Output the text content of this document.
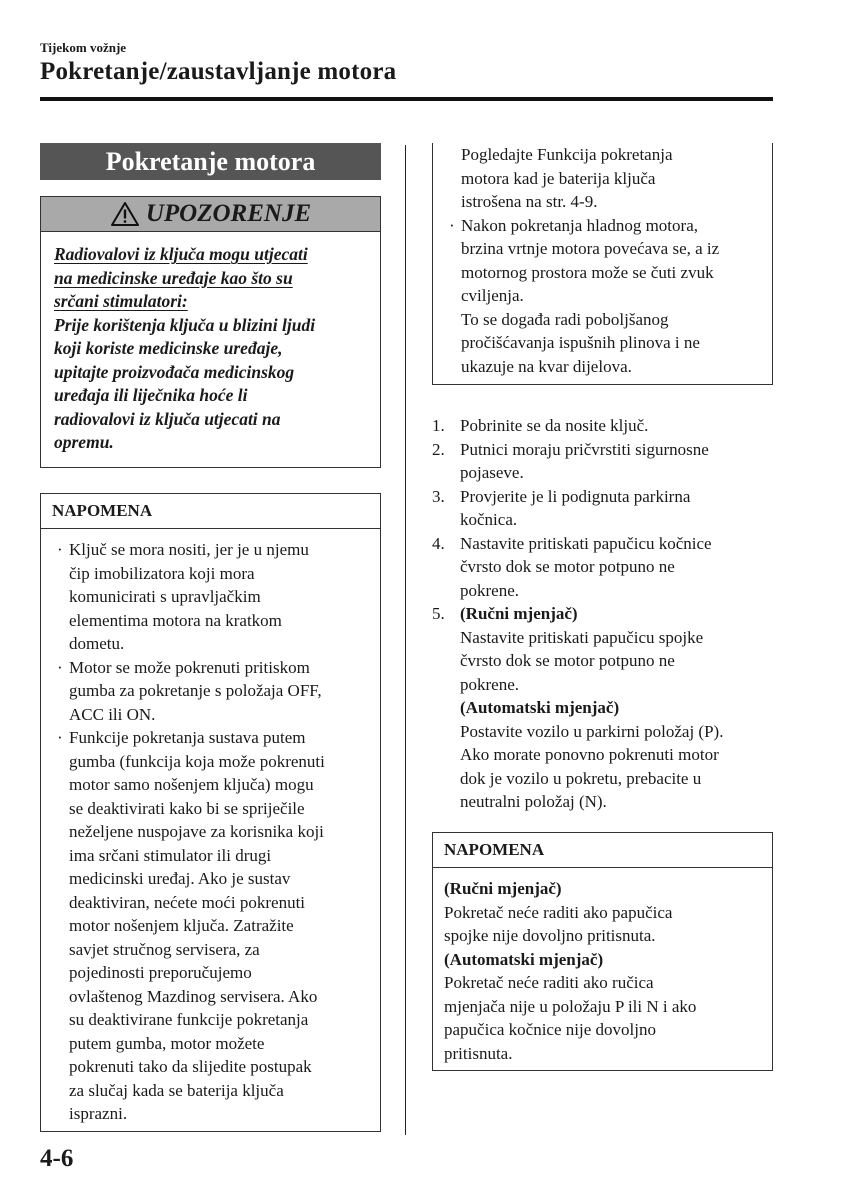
Tijekom vožnje
Pokretanje/zaustavljanje motora
Pokretanje motora
UPOZORENJE
Radiovalovi iz ključa mogu utjecati
na medicinske uređaje kao što su
srčani stimulatori:
Prije korištenja ključa u blizini ljudi
koji koriste medicinske uređaje,
upitajte proizvođača medicinskog
uređaja ili liječnika hoće li
radiovalovi iz ključa utjecati na
opremu.
NAPOMENA
· Ključ se mora nositi, jer je u njemu
čip imobilizatora koji mora
komunicirati s upravljačkim
elementima motora na kratkom
dometu.
· Motor se može pokrenuti pritiskom
gumba za pokretanje s položaja OFF,
ACC ili ON.
· Funkcije pokretanja sustava putem
gumba (funkcija koja može pokrenuti
motor samo nošenjem ključa) mogu
se deaktivirati kako bi se spriječile
neželjene nuspojave za korisnika koji
ima srčani stimulator ili drugi
medicinski uređaj. Ako je sustav
deaktiviran, nećete moći pokrenuti
motor nošenjem ključa. Zatražite
savjet stručnog servisera, za
pojedinosti preporučujemo
ovlaštenog Mazdinog servisera. Ako
su deaktivirane funkcije pokretanja
putem gumba, motor možete
pokrenuti tako da slijedite postupak
za slučaj kada se baterija ključa
isprazni.
Pogledajte Funkcija pokretanja
motora kad je baterija ključa
istrošena na str. 4-9.
· Nakon pokretanja hladnog motora,
brzina vrtnje motora povećava se, a iz
motornog prostora može se čuti zvuk
cviljenja.
To se događa radi poboljšanog
pročišćavanja ispušnih plinova i ne
ukazuje na kvar dijelova.
1. Pobrinite se da nosite ključ.
2. Putnici moraju pričvrstiti sigurnosne
pojaseve.
3. Provjerite je li podignuta parkirna
kočnica.
4. Nastavite pritiskati papučicu kočnice
čvrsto dok se motor potpuno ne
pokrene.
5. (Ručni mjenjač)
Nastavite pritiskati papučicu spojke
čvrsto dok se motor potpuno ne
pokrene.
(Automatski mjenjač)
Postavite vozilo u parkirni položaj (P).
Ako morate ponovno pokrenuti motor
dok je vozilo u pokretu, prebacite u
neutralni položaj (N).
NAPOMENA
(Ručni mjenjač)
Pokretač neće raditi ako papučica
spojke nije dovoljno pritisnuta.
(Automatski mjenjač)
Pokretač neće raditi ako ručica
mjenjača nije u položaju P ili N i ako
papučica kočnice nije dovoljno
pritisnuta.
4-6
